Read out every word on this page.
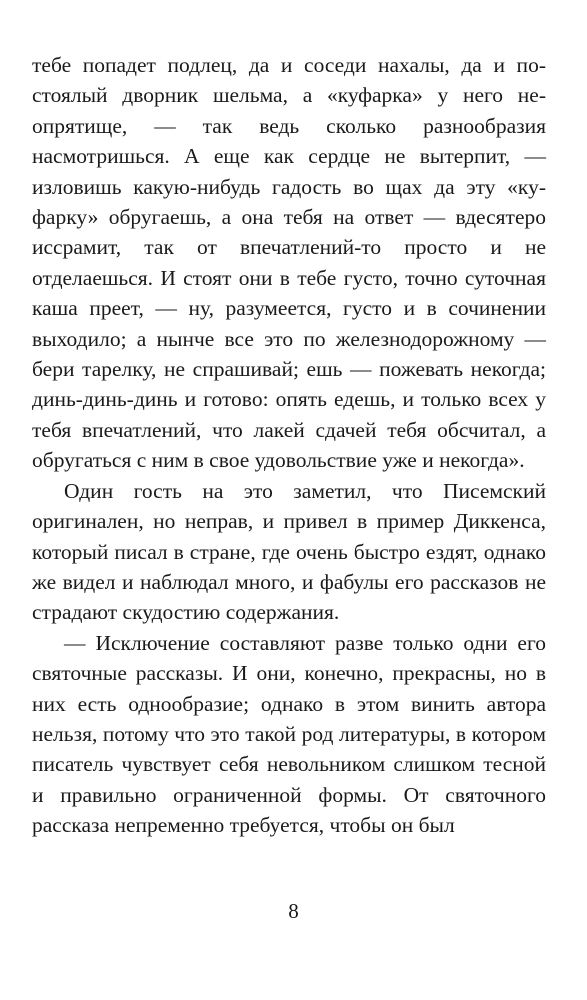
тебе попадет подлец, да и соседи нахалы, да и постоялый дворник шельма, а «куфарка» у него неопрятище, — так ведь сколько разнообразия насмотришься. А еще как сердце не вытерпит, — изловишь какую-нибудь гадость во щах да эту «куфарку» обругаешь, а она тебя на ответ — вдесятеро иссрамит, так от впечатлений-то просто и не отделаешься. И стоят они в тебе густо, точно суточная каша преет, — ну, разумеется, густо и в сочинении выходило; а нынче все это по железнодорожному — бери тарелку, не спрашивай; ешь — пожевать некогда; динь-динь-динь и готово: опять едешь, и только всех у тебя впечатлений, что лакей сдачей тебя обсчитал, а обругаться с ним в свое удовольствие уже и некогда».

Один гость на это заметил, что Писемский оригинален, но неправ, и привел в пример Диккенса, который писал в стране, где очень быстро ездят, однако же видел и наблюдал много, и фабулы его рассказов не страдают скудостию содержания.

— Исключение составляют разве только одни его святочные рассказы. И они, конечно, прекрасны, но в них есть однообразие; однако в этом винить автора нельзя, потому что это такой род литературы, в котором писатель чувствует себя невольником слишком тесной и правильно ограниченной формы. От святочного рассказа непременно требуется, чтобы он был

8
